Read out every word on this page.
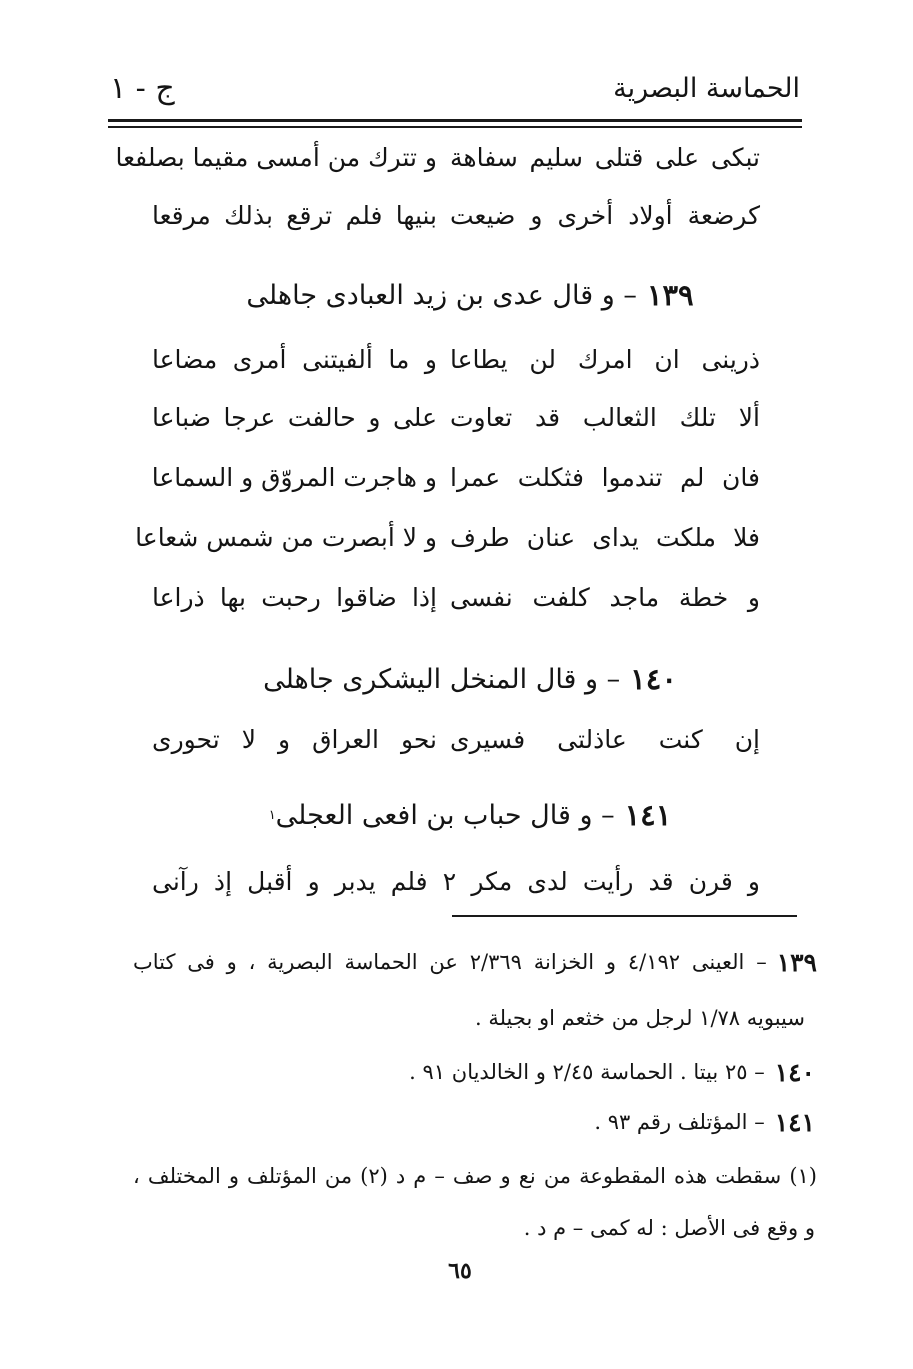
الحماسة البصرية
ج - ١
تبكى على قتلى سليم سفاهة
و تترك من أمسى مقيما بصلفعا
كرضعة أولاد أخرى و ضيعت
بنيها فلم ترقع بذلك مرقعا
١٣٩
– و قال عدى بن زيد العبادى جاهلى
ذرينى ان امرك لن يطاعا
و ما ألفيتنى أمرى مضاعا
ألا تلك الثعالب قد تعاوت
على و حالفت عرجا ضباعا
فان لم تندموا فثكلت عمرا
و هاجرت المروّق و السماعا
فلا ملكت يداى عنان طرف
و لا أبصرت من شمس شعاعا
و خطة ماجد كلفت نفسى
إذا ضاقوا رحبت بها ذراعا
١٤٠
– و قال المنخل اليشكرى جاهلى
إن كنت عاذلتى فسيرى
نحو العراق و لا تحورى
١٤١
– و قال حباب بن افعى العجلى
١
و قرن قد رأيت لدى مكر ٢ فلم يدبر و أقبل إذ رآنى
١٣٩
– العينى ٤/١٩٢ و الخزانة ٢/٣٦٩ عن الحماسة البصرية ، و فى كتاب
سيبويه ١/٧٨ لرجل من خثعم او بجيلة .
١٤٠
– ٢٥ بيتا . الحماسة ٢/٤٥ و الخالديان ٩١ .
١٤١
– المؤتلف رقم ٩٣ .
(١) سقطت هذه المقطوعة من نع و صف – م د (٢) من المؤتلف و المختلف ،
و وقع فى الأصل : له كمى – م د .
٦٥
